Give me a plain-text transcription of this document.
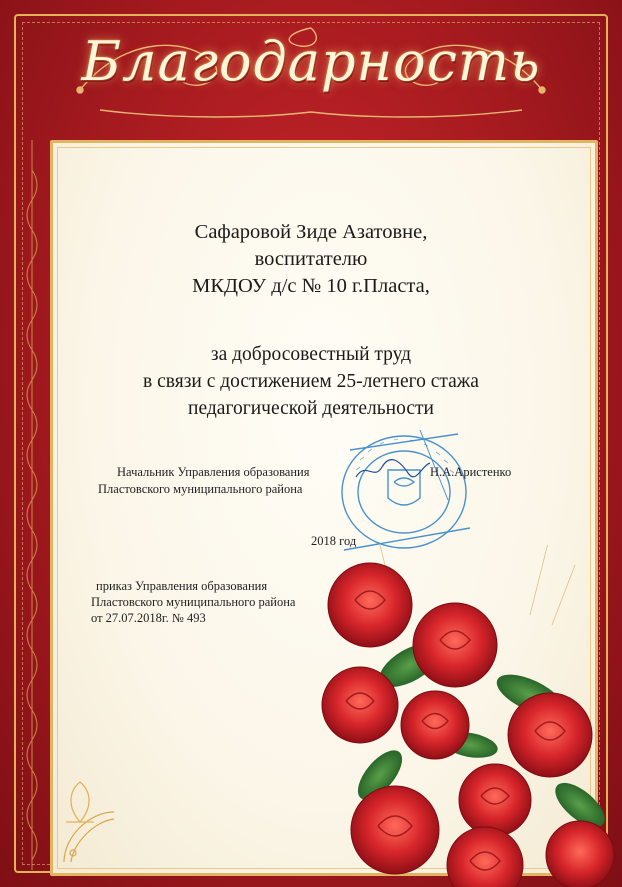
Благодарность
Сафаровой Зиде Азатовне,
воспитателю
МКДОУ д/с № 10 г.Пласта,
за добросовестный труд
в связи с достижением 25-летнего стажа
педагогической деятельности
Начальник Управления образования
Пластовского муниципального района
Н.А.Аристенко
2018 год
приказ Управления образования
Пластовского муниципального района
от 27.07.2018г. № 493
